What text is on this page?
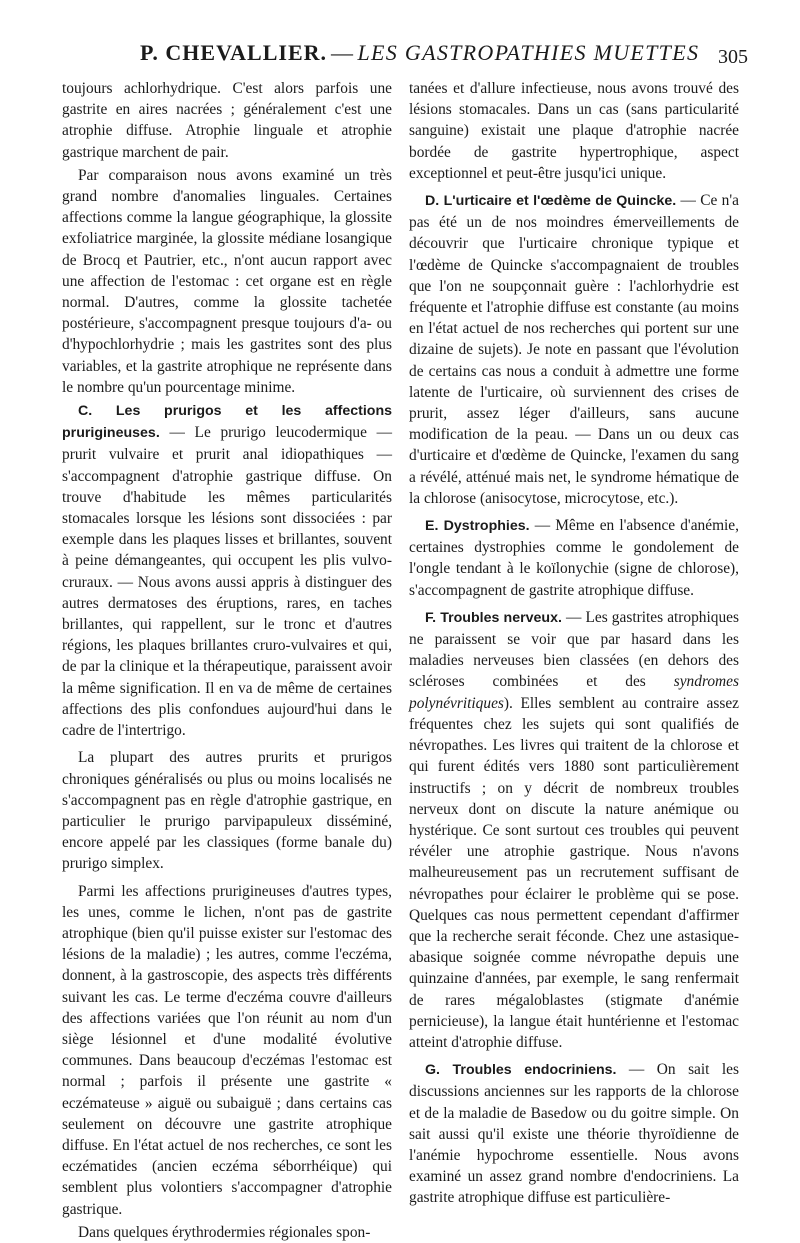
P. CHEVALLIER. — LES GASTROPATHIES MUETTES 305

toujours achlorhydrique. C'est alors parfois une gastrite en aires nacrées ; généralement c'est une atrophie diffuse. Atrophie linguale et atrophie gastrique marchent de pair.

Par comparaison nous avons examiné un très grand nombre d'anomalies linguales. Certaines affections comme la langue géographique, la glossite exfoliatrice marginée, la glossite médiane losangique de Brocq et Pautrier, etc., n'ont aucun rapport avec une affection de l'estomac : cet organe est en règle normal. D'autres, comme la glossite tachetée postérieure, s'accompagnent presque toujours d'a- ou d'hypochlorhydrie ; mais les gastrites sont des plus variables, et la gastrite atrophique ne représente dans le nombre qu'un pourcentage minime.

C. Les prurigos et les affections prurigineuses. — Le prurigo leucodermique — prurit vulvaire et prurit anal idiopathiques — s'accompagnent d'atrophie gastrique diffuse. On trouve d'habitude les mêmes particularités stomacales lorsque les lésions sont dissociées : par exemple dans les plaques lisses et brillantes, souvent à peine démangeantes, qui occupent les plis vulvo-cruraux. — Nous avons aussi appris à distinguer des autres dermatoses des éruptions, rares, en taches brillantes, qui rappellent, sur le tronc et d'autres régions, les plaques brillantes cruro-vulvaires et qui, de par la clinique et la thérapeutique, paraissent avoir la même signification. Il en va de même de certaines affections des plis confondues aujourd'hui dans le cadre de l'intertrigo.

La plupart des autres prurits et prurigos chroniques généralisés ou plus ou moins localisés ne s'accompagnent pas en règle d'atrophie gastrique, en particulier le prurigo parvipapuleux disséminé, encore appelé par les classiques (forme banale du) prurigo simplex.

Parmi les affections prurigineuses d'autres types, les unes, comme le lichen, n'ont pas de gastrite atrophique (bien qu'il puisse exister sur l'estomac des lésions de la maladie) ; les autres, comme l'eczéma, donnent, à la gastroscopie, des aspects très différents suivant les cas. Le terme d'eczéma couvre d'ailleurs des affections variées que l'on réunit au nom d'un siège lésionnel et d'une modalité évolutive communes. Dans beaucoup d'eczémas l'estomac est normal ; parfois il présente une gastrite « eczémateuse » aiguë ou subaiguë ; dans certains cas seulement on découvre une gastrite atrophique diffuse. En l'état actuel de nos recherches, ce sont les eczématides (ancien eczéma séborrhéique) qui semblent plus volontiers s'accompagner d'atrophie gastrique.

Dans quelques érythrodermies régionales spon-

tanées et d'allure infectieuse, nous avons trouvé des lésions stomacales. Dans un cas (sans particularité sanguine) existait une plaque d'atrophie nacrée bordée de gastrite hypertrophique, aspect exceptionnel et peut-être jusqu'ici unique.

D. L'urticaire et l'œdème de Quincke. — Ce n'a pas été un de nos moindres émerveillements de découvrir que l'urticaire chronique typique et l'œdème de Quincke s'accompagnaient de troubles que l'on ne soupçonnait guère : l'achlorhydrie est fréquente et l'atrophie diffuse est constante (au moins en l'état actuel de nos recherches qui portent sur une dizaine de sujets). Je note en passant que l'évolution de certains cas nous a conduit à admettre une forme latente de l'urticaire, où surviennent des crises de prurit, assez léger d'ailleurs, sans aucune modification de la peau. — Dans un ou deux cas d'urticaire et d'œdème de Quincke, l'examen du sang a révélé, atténué mais net, le syndrome hématique de la chlorose (anisocytose, microcytose, etc.).

E. Dystrophies. — Même en l'absence d'anémie, certaines dystrophies comme le gondolement de l'ongle tendant à le koïlonychie (signe de chlorose), s'accompagnent de gastrite atrophique diffuse.

F. Troubles nerveux. — Les gastrites atrophiques ne paraissent se voir que par hasard dans les maladies nerveuses bien classées (en dehors des scléroses combinées et des syndromes polynévritiques). Elles semblent au contraire assez fréquentes chez les sujets qui sont qualifiés de névropathes. Les livres qui traitent de la chlorose et qui furent édités vers 1880 sont particulièrement instructifs ; on y décrit de nombreux troubles nerveux dont on discute la nature anémique ou hystérique. Ce sont surtout ces troubles qui peuvent révéler une atrophie gastrique. Nous n'avons malheureusement pas un recrutement suffisant de névropathes pour éclairer le problème qui se pose. Quelques cas nous permettent cependant d'affirmer que la recherche serait féconde. Chez une astasique-abasique soignée comme névropathe depuis une quinzaine d'années, par exemple, le sang renfermait de rares mégaloblastes (stigmate d'anémie pernicieuse), la langue était huntérienne et l'estomac atteint d'atrophie diffuse.

G. Troubles endocriniens. — On sait les discussions anciennes sur les rapports de la chlorose et de la maladie de Basedow ou du goitre simple. On sait aussi qu'il existe une théorie thyroïdienne de l'anémie hypochrome essentielle. Nous avons examiné un assez grand nombre d'endocriniens. La gastrite atrophique diffuse est particulière-
